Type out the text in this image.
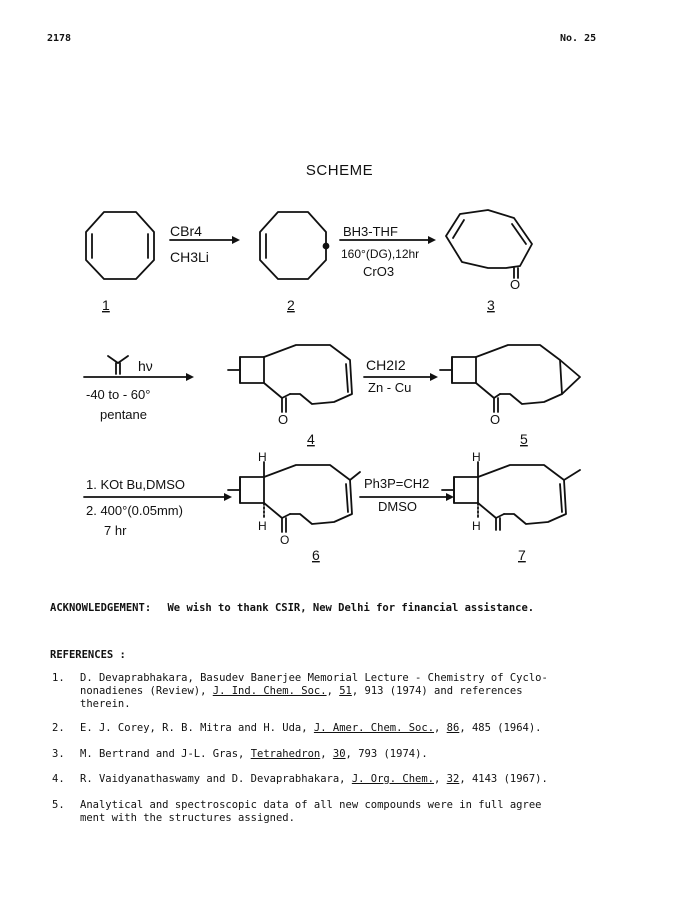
2178	No. 25
SCHEME
CBr4
CH3Li
BH3-THF
160°(DG),12hr
CrO3
O
1	2	3
hν
-40 to - 60°
pentane	O
CH2I2
Zn - Cu
O
4	5
1. KOt Bu,DMSO
2. 400°(0.05mm)
7 hr
H
H
O
Ph3P=CH2
DMSO
H
H
6	7
ACKNOWLEDGEMENT: We wish to thank CSIR, New Delhi for financial assistance.
REFERENCES :
1. D. Devaprabhakara, Basudev Banerjee Memorial Lecture - Chemistry of Cyclo-
nonadienes (Review), J. Ind. Chem. Soc., 51, 913 (1974) and references
therein.
2. E. J. Corey, R. B. Mitra and H. Uda, J. Amer. Chem. Soc., 86, 485 (1964).
3. M. Bertrand and J-L. Gras, Tetrahedron, 30, 793 (1974).
4. R. Vaidyanathaswamy and D. Devaprabhakara, J. Org. Chem., 32, 4143 (1967).
5. Analytical and spectroscopic data of all new compounds were in full agree
ment with the structures assigned.
